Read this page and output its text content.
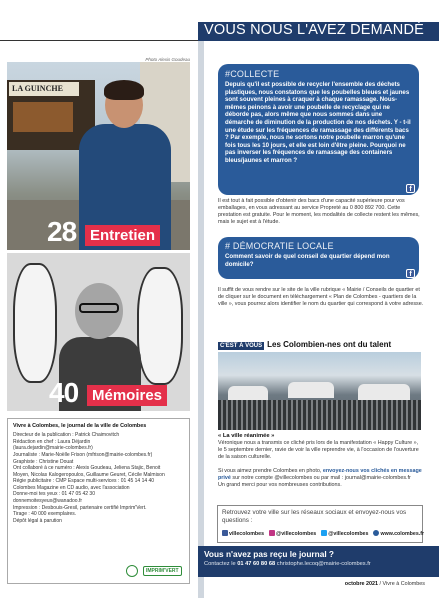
Photo Alexis Goudeau
LA GUINCHE
28 Entretien
40 Mémoires
Vivre à Colombes, le journal de la ville de Colombes
Directeur de la publication : Patrick Chaimovitch
Rédaction en chef : Laura Déjardin
(laura.dejardin@mairie-colombes.fr)
Journaliste : Marie-Noëlle Frison (mfrison@mairie-colombes.fr)
Graphiste : Christine Douat
Ont collaboré à ce numéro : Alexis Goudeau, Jeliena Stajic, Benoit
Moyen, Nicolas Kalogeropoulos, Guillaume Geuret, Cécile Malmison
Régie publicitaire : CMP Espace multi-services : 01 45 14 14 40
Colombes Magazine en CD audio, avec l'association
Donne-moi tes yeux : 01 47 05 42 30
donnemoitesyeux@wanadoo.fr
Impression : Desbouis-Gresil, partenaire certifié Imprim'Vert.
Tirage : 40 000 exemplaires.
Dépôt légal à parution
IMPRIM'VERT
VOUS NOUS L'AVEZ DEMANDÉ
#COLLECTE
Depuis qu'il est possible de recycler l'ensemble des déchets plastiques, nous constatons que les poubelles bleues et jaunes sont souvent pleines à craquer à chaque ramassage. Nous-mêmes peinons à avoir une poubelle de recyclage qui ne déborde pas, alors même que nous sommes dans une démarche de diminution de la production de nos déchets. Y - t-il une étude sur les fréquences de ramassage des différents bacs ? Par exemple, nous ne sortons notre poubelle marron qu'une fois tous les 10 jours, et elle est loin d'être pleine. Pourquoi ne pas inverser les fréquences de ramassage des containers bleus/jaunes et marron ?
f
Il est tout à fait possible d'obtenir des bacs d'une capacité supérieure pour vos emballages, en vous adressant au service Propreté au 0 800 892 700. Cette prestation est gratuite. Pour le moment, les modalités de collecte restent les mêmes, mais le sujet est à l'étude.
# DÉMOCRATIE LOCALE
Comment savoir de quel conseil de quartier dépend mon domicile?
f
Il suffit de vous rendre sur le site de la ville rubrique « Mairie / Conseils de quartier et de cliquer sur le document en téléchargement « Plan de Colombes - quartiers de la ville », vous pourrez alors identifier le nom du quartier qui correspond à votre adresse.
C'EST À VOUS Les Colombien-nes ont du talent
« La ville réanimée »
Véronique nous a transmis ce cliché pris lors de la manifestation « Happy Culture », le 5 septembre dernier, ravie de voir la ville reprendre vie, à l'occasion de l'ouverture de la saison culturelle.
Si vous aimez prendre Colombes en photo, envoyez-nous vos clichés en message privé sur notre compte @villecolombes ou par mail : journal@mairie-colombes.fr
Un grand merci pour vos nombreuses contributions.
Retrouvez votre ville sur les réseaux sociaux et envoyez-nous vos questions :
villecolombes	@villecolombes	@villecolombes	www.colombes.fr
Vous n'avez pas reçu le journal ?
Contactez le 01 47 60 80 68 christophe.lecoq@mairie-colombes.fr
octobre 2021 / Vivre à Colombes
